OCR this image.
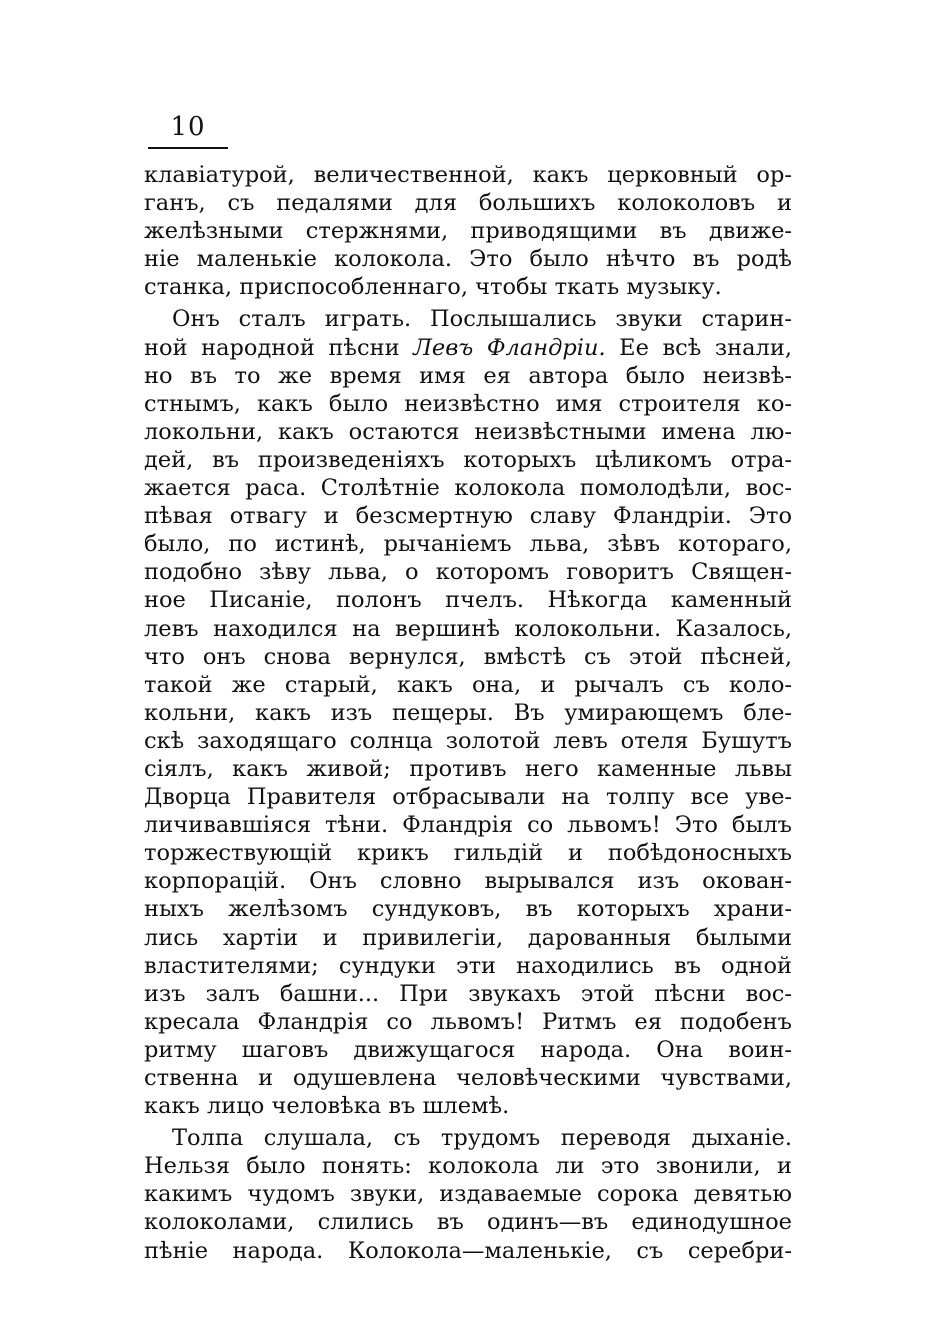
10
клавіатурой, величественной, какъ церковный ор-
ганъ, съ педалями для большихъ колоколовъ и
желѣзными стержнями, приводящими въ движе-
ніе маленькіе колокола. Это было нѣчто въ родѣ
станка, приспособленнаго, чтобы ткать музыку.
Онъ сталъ играть. Послышались звуки старин-
ной народной пѣсни Левъ Фландріи. Ее всѣ знали,
но въ то же время имя ея автора было неизвѣ-
стнымъ, какъ было неизвѣстно имя строителя ко-
локольни, какъ остаются неизвѣстными имена лю-
дей, въ произведеніяхъ которыхъ цѣликомъ отра-
жается раса. Столѣтніе колокола помолодѣли, вос-
пѣвая отвагу и безсмертную славу Фландріи. Это
было, по истинѣ, рычаніемъ льва, зѣвъ котораго,
подобно зѣву льва, о которомъ говоритъ Священ-
ное Писаніе, полонъ пчелъ. Нѣкогда каменный
левъ находился на вершинѣ колокольни. Казалось,
что онъ снова вернулся, вмѣстѣ съ этой пѣсней,
такой же старый, какъ она, и рычалъ съ коло-
кольни, какъ изъ пещеры. Въ умирающемъ бле-
скѣ заходящаго солнца золотой левъ отеля Бушутъ
сіялъ, какъ живой; противъ него каменные львы
Дворца Правителя отбрасывали на толпу все уве-
личивавшіяся тѣни. Фландрія со львомъ! Это былъ
торжествующій крикъ гильдій и побѣдоносныхъ
корпорацій. Онъ словно вырывался изъ окован-
ныхъ желѣзомъ сундуковъ, въ которыхъ храни-
лись хартіи и привилегіи, дарованныя былыми
властителями; сундуки эти находились въ одной
изъ залъ башни... При звукахъ этой пѣсни вос-
кресала Фландрія со львомъ! Ритмъ ея подобенъ
ритму шаговъ движущагося народа. Она воин-
ственна и одушевлена человѣческими чувствами,
какъ лицо человѣка въ шлемѣ.
Толпа слушала, съ трудомъ переводя дыханіе.
Нельзя было понять: колокола ли это звонили, и
какимъ чудомъ звуки, издаваемые сорока девятью
колоколами, слились въ одинъ—въ единодушное
пѣніе народа. Колокола—маленькіе, съ серебри-
